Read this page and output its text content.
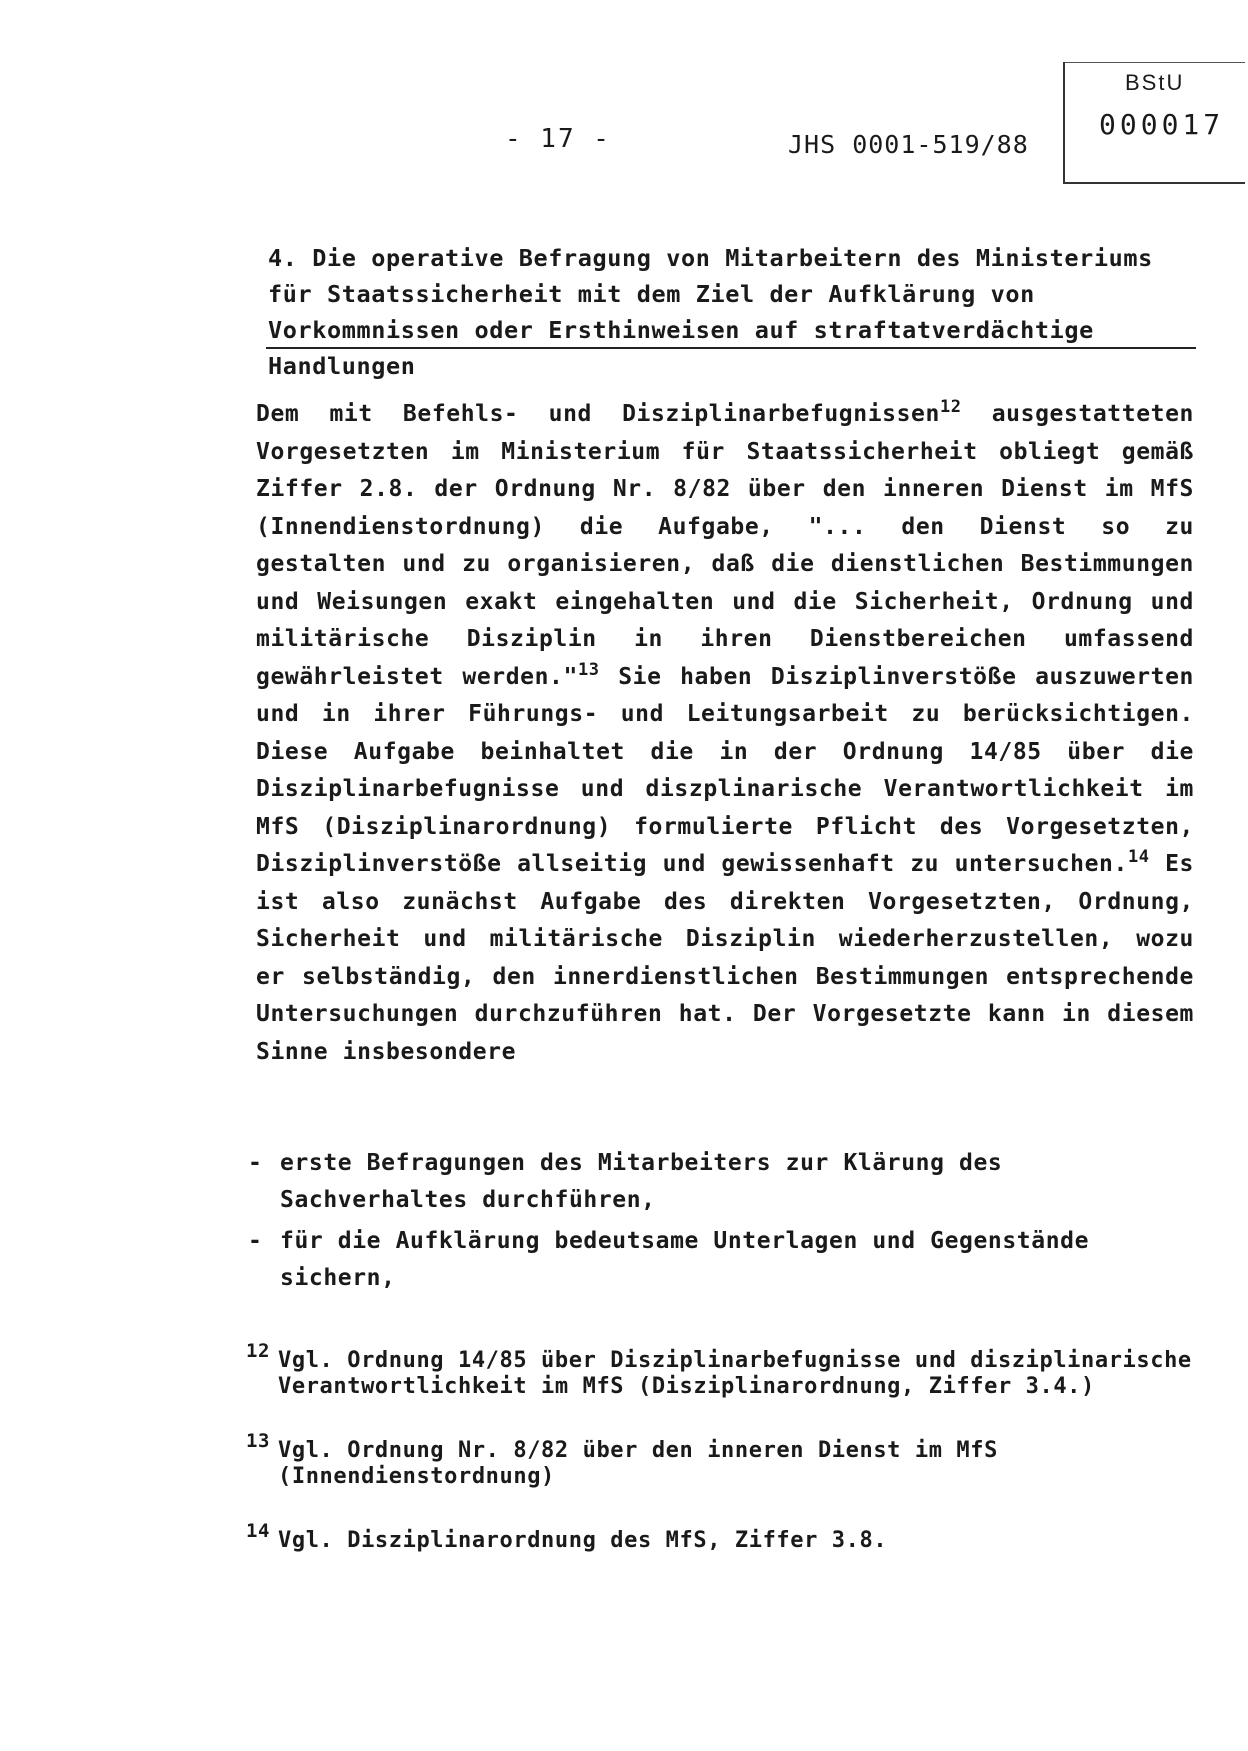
- 17 -	JHS 0001-519/88
BStU
000017

4. Die operative Befragung von Mitarbeitern des Ministeriums für Staatssicherheit mit dem Ziel der Aufklärung von Vorkommnissen oder Ersthinweisen auf straftatverdächtige Handlungen

Dem mit Befehls- und Disziplinarbefugnissen$^{12}$ ausgestatteten Vorgesetzten im Ministerium für Staatssicherheit obliegt gemäß Ziffer 2.8. der Ordnung Nr. 8/82 über den inneren Dienst im MfS (Innendienstordnung) die Aufgabe, "... den Dienst so zu gestalten und zu organisieren, daß die dienstlichen Bestimmungen und Weisungen exakt eingehalten und die Sicherheit, Ordnung und militärische Disziplin in ihren Dienstbereichen umfassend gewährleistet werden."$^{13}$ Sie haben Disziplinverstöße auszuwerten und in ihrer Führungs- und Leitungsarbeit zu berücksichtigen. Diese Aufgabe beinhaltet die in der Ordnung 14/85 über die Disziplinarbefugnisse und diszplinarische Verantwortlichkeit im MfS (Disziplinarordnung) formulierte Pflicht des Vorgesetzten, Disziplinverstöße allseitig und gewissenhaft zu untersuchen.$^{14}$ Es ist also zunächst Aufgabe des direkten Vorgesetzten, Ordnung, Sicherheit und militärische Disziplin wiederherzustellen, wozu er selbständig, den innerdienstlichen Bestimmungen entsprechende Untersuchungen durchzuführen hat. Der Vorgesetzte kann in diesem Sinne insbesondere

- erste Befragungen des Mitarbeiters zur Klärung des Sachverhaltes durchführen,
- für die Aufklärung bedeutsame Unterlagen und Gegenstände sichern,
12 Vgl. Ordnung 14/85 über Disziplinarbefugnisse und disziplinarische Verantwortlichkeit im MfS (Disziplinarordnung, Ziffer 3.4.)
13 Vgl. Ordnung Nr. 8/82 über den inneren Dienst im MfS (Innendienstordnung)
14 Vgl. Disziplinarordnung des MfS, Ziffer 3.8.
